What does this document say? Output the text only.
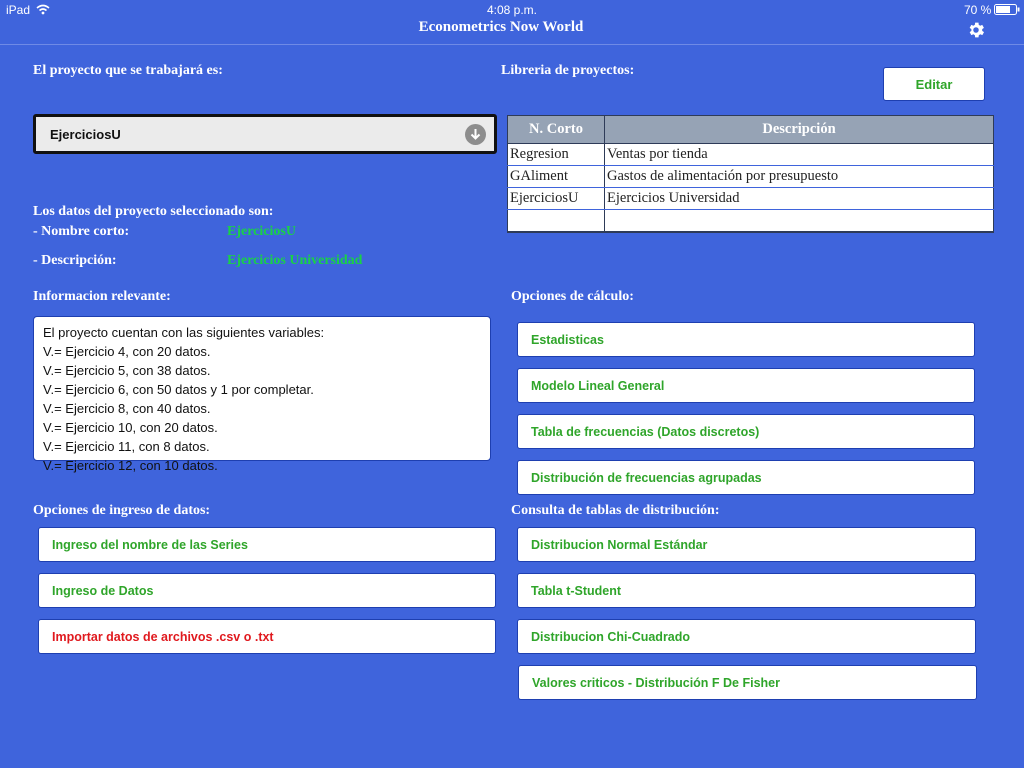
iPad	4:08 p.m.	70 %
Econometrics Now World
El proyecto que se trabajará es:
EjerciciosU
Libreria de proyectos:
Editar
N. Corto	Descripción
Regresion	Ventas por tienda
GAliment	Gastos de alimentación por presupuesto
EjerciciosU	Ejercicios Universidad

Los datos del proyecto seleccionado son:
- Nombre corto:	EjerciciosU
- Descripción:	Ejercicios Universidad
Informacion relevante:
El proyecto cuentan con las siguientes variables:
V.= Ejercicio 4, con 20 datos.
V.= Ejercicio 5, con 38 datos.
V.= Ejercicio 6, con 50 datos y 1 por completar.
V.= Ejercicio 8, con 40 datos.
V.= Ejercicio 10, con 20 datos.
V.= Ejercicio 11, con 8 datos.
V.= Ejercicio 12, con 10 datos.
Opciones de cálculo:
Estadisticas
Modelo Lineal General
Tabla de frecuencias (Datos discretos)
Distribución de frecuencias agrupadas
Opciones de ingreso de datos:
Ingreso del nombre de las Series
Ingreso de Datos
Importar datos de archivos .csv o .txt
Consulta de tablas de distribución:
Distribucion Normal Estándar
Tabla t-Student
Distribucion Chi-Cuadrado
Valores criticos - Distribución F De Fisher
